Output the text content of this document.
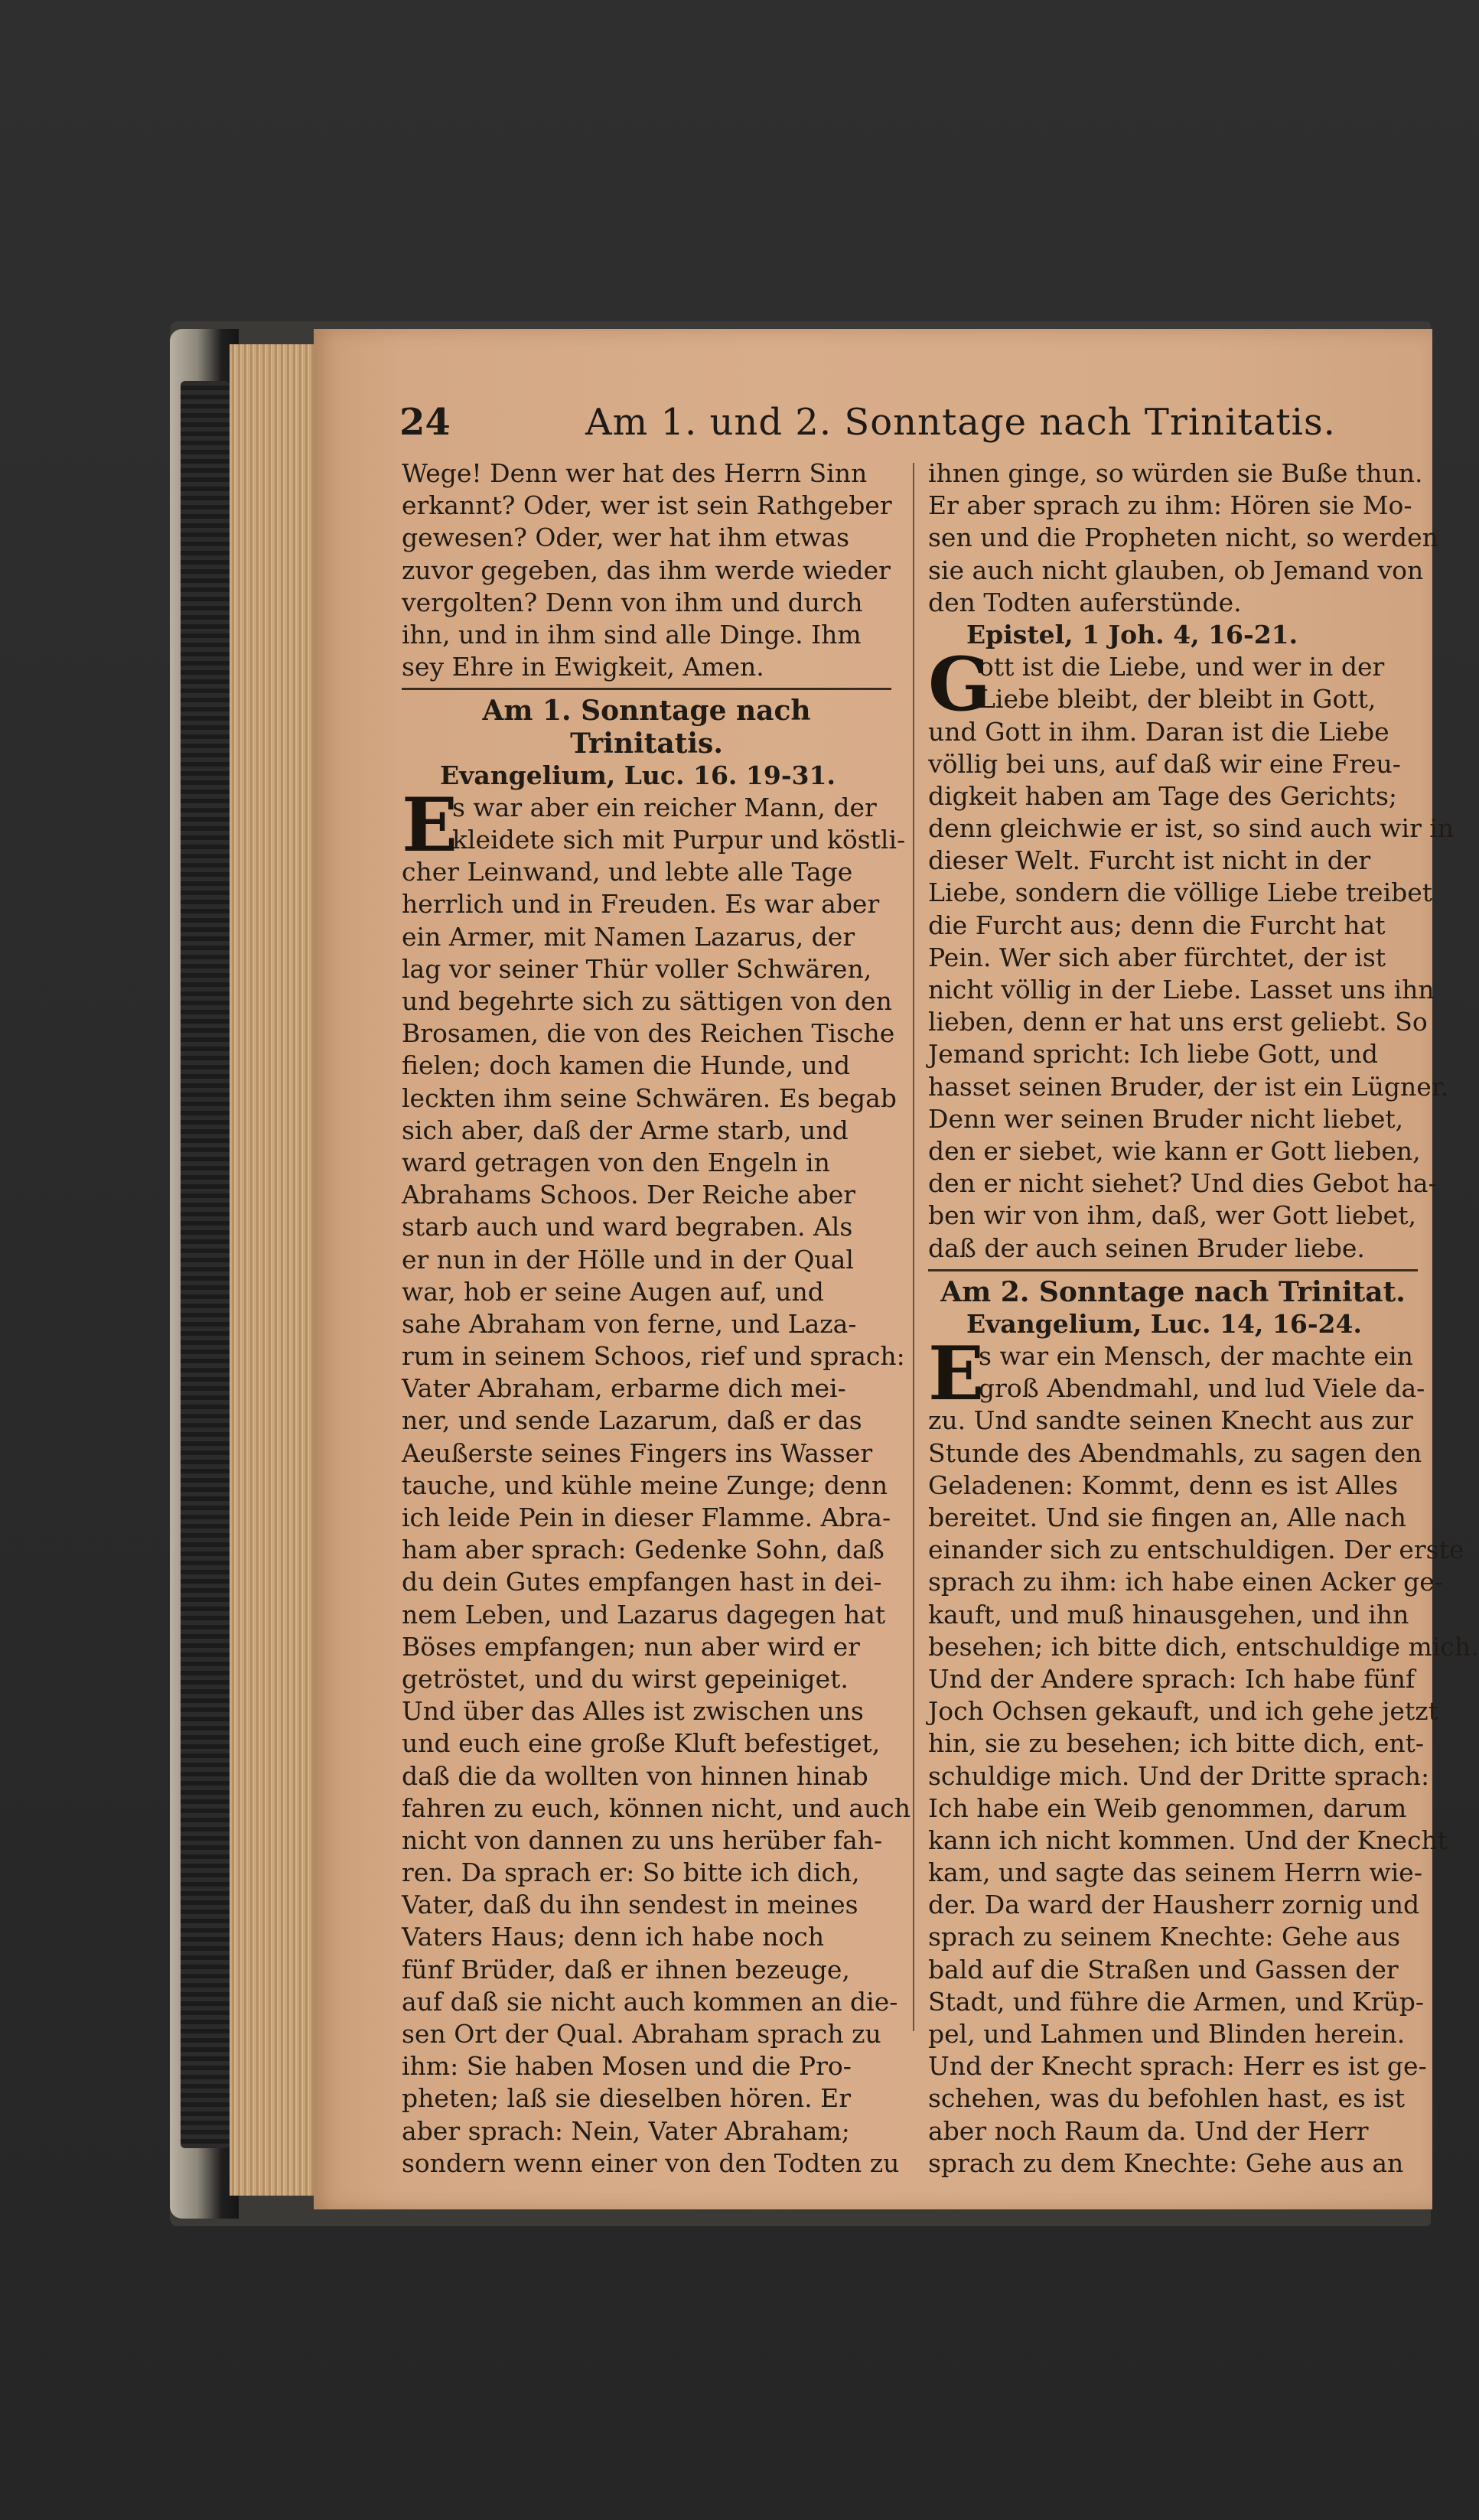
24	Am 1. und 2. Sonntage nach Trinitatis.
Wege! Denn wer hat des Herrn Sinn
erkannt? Oder, wer ist sein Rathgeber
gewesen? Oder, wer hat ihm etwas
zuvor gegeben, das ihm werde wieder
vergolten? Denn von ihm und durch
ihn, und in ihm sind alle Dinge. Ihm
sey Ehre in Ewigkeit, Amen.
Am 1. Sonntage nach
Trinitatis.
Evangelium, Luc. 16. 19-31.
E
s war aber ein reicher Mann, der
kleidete sich mit Purpur und köstli-
cher Leinwand, und lebte alle Tage
herrlich und in Freuden. Es war aber
ein Armer, mit Namen Lazarus, der
lag vor seiner Thür voller Schwären,
und begehrte sich zu sättigen von den
Brosamen, die von des Reichen Tische
fielen; doch kamen die Hunde, und
leckten ihm seine Schwären. Es begab
sich aber, daß der Arme starb, und
ward getragen von den Engeln in
Abrahams Schoos. Der Reiche aber
starb auch und ward begraben. Als
er nun in der Hölle und in der Qual
war, hob er seine Augen auf, und
sahe Abraham von ferne, und Laza-
rum in seinem Schoos, rief und sprach:
Vater Abraham, erbarme dich mei-
ner, und sende Lazarum, daß er das
Aeußerste seines Fingers ins Wasser
tauche, und kühle meine Zunge; denn
ich leide Pein in dieser Flamme. Abra-
ham aber sprach: Gedenke Sohn, daß
du dein Gutes empfangen hast in dei-
nem Leben, und Lazarus dagegen hat
Böses empfangen; nun aber wird er
getröstet, und du wirst gepeiniget.
Und über das Alles ist zwischen uns
und euch eine große Kluft befestiget,
daß die da wollten von hinnen hinab
fahren zu euch, können nicht, und auch
nicht von dannen zu uns herüber fah-
ren. Da sprach er: So bitte ich dich,
Vater, daß du ihn sendest in meines
Vaters Haus; denn ich habe noch
fünf Brüder, daß er ihnen bezeuge,
auf daß sie nicht auch kommen an die-
sen Ort der Qual. Abraham sprach zu
ihm: Sie haben Mosen und die Pro-
pheten; laß sie dieselben hören. Er
aber sprach: Nein, Vater Abraham;
sondern wenn einer von den Todten zu
ihnen ginge, so würden sie Buße thun.
Er aber sprach zu ihm: Hören sie Mo-
sen und die Propheten nicht, so werden
sie auch nicht glauben, ob Jemand von
den Todten auferstünde.
Epistel, 1 Joh. 4, 16-21.
G
ott ist die Liebe, und wer in der
Liebe bleibt, der bleibt in Gott,
und Gott in ihm. Daran ist die Liebe
völlig bei uns, auf daß wir eine Freu-
digkeit haben am Tage des Gerichts;
denn gleichwie er ist, so sind auch wir in
dieser Welt. Furcht ist nicht in der
Liebe, sondern die völlige Liebe treibet
die Furcht aus; denn die Furcht hat
Pein. Wer sich aber fürchtet, der ist
nicht völlig in der Liebe. Lasset uns ihn
lieben, denn er hat uns erst geliebt. So
Jemand spricht: Ich liebe Gott, und
hasset seinen Bruder, der ist ein Lügner.
Denn wer seinen Bruder nicht liebet,
den er siebet, wie kann er Gott lieben,
den er nicht siehet? Und dies Gebot ha-
ben wir von ihm, daß, wer Gott liebet,
daß der auch seinen Bruder liebe.
Am 2. Sonntage nach Trinitat.
Evangelium, Luc. 14, 16-24.
E
s war ein Mensch, der machte ein
groß Abendmahl, und lud Viele da-
zu. Und sandte seinen Knecht aus zur
Stunde des Abendmahls, zu sagen den
Geladenen: Kommt, denn es ist Alles
bereitet. Und sie fingen an, Alle nach
einander sich zu entschuldigen. Der erste
sprach zu ihm: ich habe einen Acker ge-
kauft, und muß hinausgehen, und ihn
besehen; ich bitte dich, entschuldige mich.
Und der Andere sprach: Ich habe fünf
Joch Ochsen gekauft, und ich gehe jetzt
hin, sie zu besehen; ich bitte dich, ent-
schuldige mich. Und der Dritte sprach:
Ich habe ein Weib genommen, darum
kann ich nicht kommen. Und der Knecht
kam, und sagte das seinem Herrn wie-
der. Da ward der Hausherr zornig und
sprach zu seinem Knechte: Gehe aus
bald auf die Straßen und Gassen der
Stadt, und führe die Armen, und Krüp-
pel, und Lahmen und Blinden herein.
Und der Knecht sprach: Herr es ist ge-
schehen, was du befohlen hast, es ist
aber noch Raum da. Und der Herr
sprach zu dem Knechte: Gehe aus an
